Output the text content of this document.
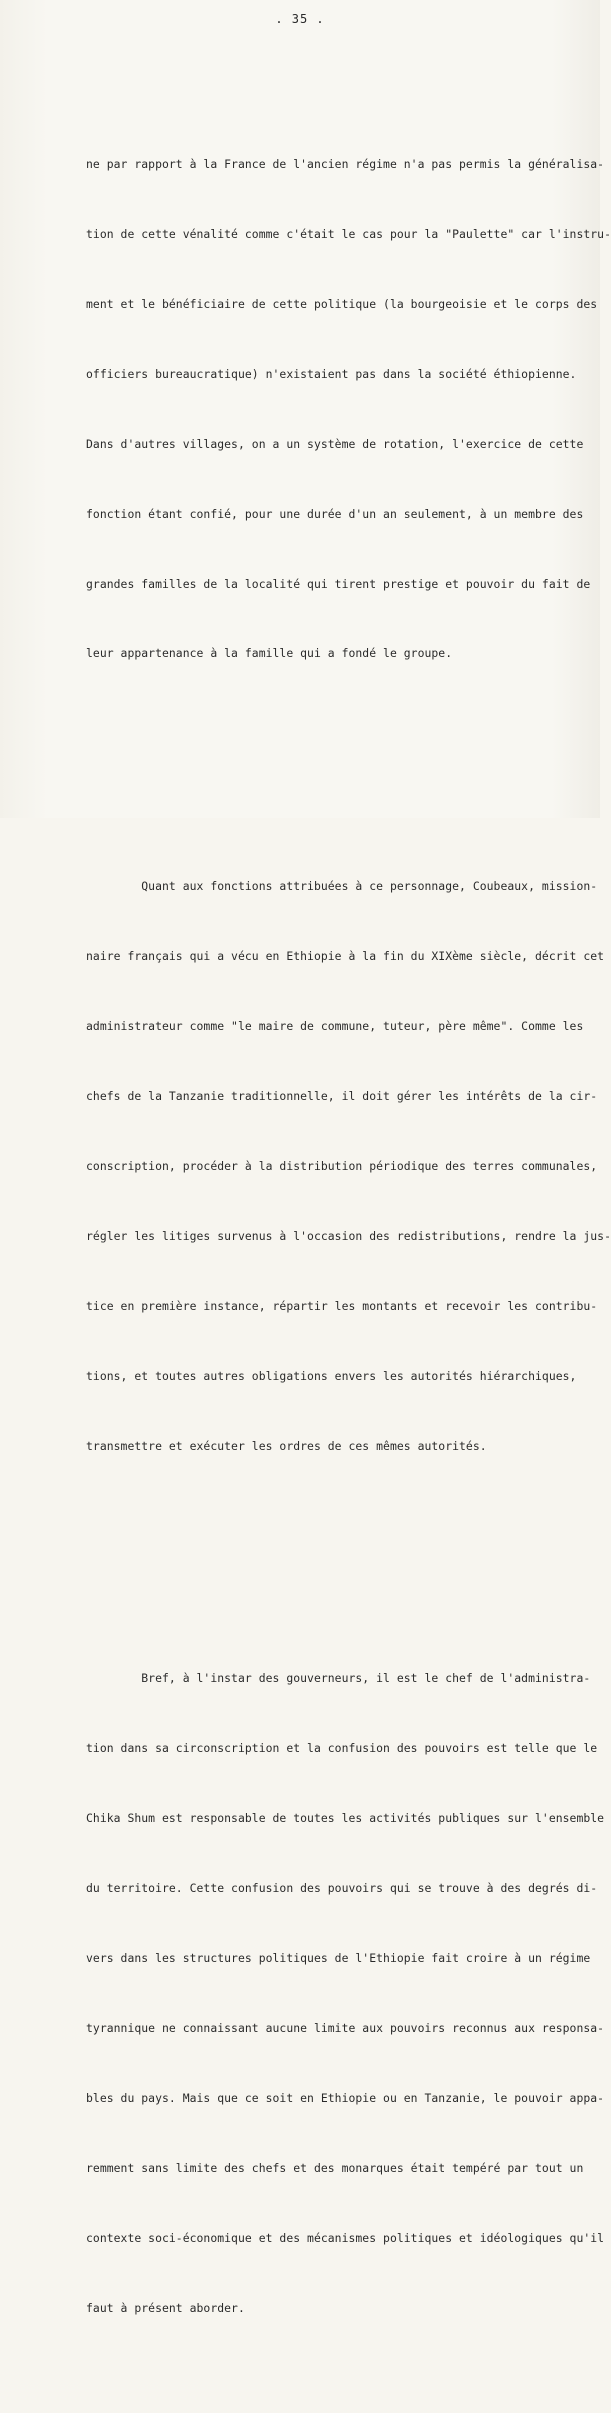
. 35 .

ne par rapport à la France de l'ancien régime n'a pas permis la généralisa-

tion de cette vénalité comme c'était le cas pour la "Paulette" car l'instru-

ment et le bénéficiaire de cette politique (la bourgeoisie et le corps des

officiers bureaucratique) n'existaient pas dans la société éthiopienne.

Dans d'autres villages, on a un système de rotation, l'exercice de cette

fonction étant confié, pour une durée d'un an seulement, à un membre des

grandes familles de la localité qui tirent prestige et pouvoir du fait de

leur appartenance à la famille qui a fondé le groupe.

Quant aux fonctions attribuées à ce personnage, Coubeaux, mission-

naire français qui a vécu en Ethiopie à la fin du XIXème siècle, décrit cet

administrateur comme "le maire de commune, tuteur, père même". Comme les

chefs de la Tanzanie traditionnelle, il doit gérer les intérêts de la cir-

conscription, procéder à la distribution périodique des terres communales,

régler les litiges survenus à l'occasion des redistributions, rendre la jus-

tice en première instance, répartir les montants et recevoir les contribu-

tions, et toutes autres obligations envers les autorités hiérarchiques,

transmettre et exécuter les ordres de ces mêmes autorités.

Bref, à l'instar des gouverneurs, il est le chef de l'administra-

tion dans sa circonscription et la confusion des pouvoirs est telle que le

Chika Shum est responsable de toutes les activités publiques sur l'ensemble

du territoire. Cette confusion des pouvoirs qui se trouve à des degrés di-

vers dans les structures politiques de l'Ethiopie fait croire à un régime

tyrannique ne connaissant aucune limite aux pouvoirs reconnus aux responsa-

bles du pays. Mais que ce soit en Ethiopie ou en Tanzanie, le pouvoir appa-

remment sans limite des chefs et des monarques était tempéré par tout un

contexte soci-économique et des mécanismes politiques et idéologiques qu'il

faut à présent aborder.
